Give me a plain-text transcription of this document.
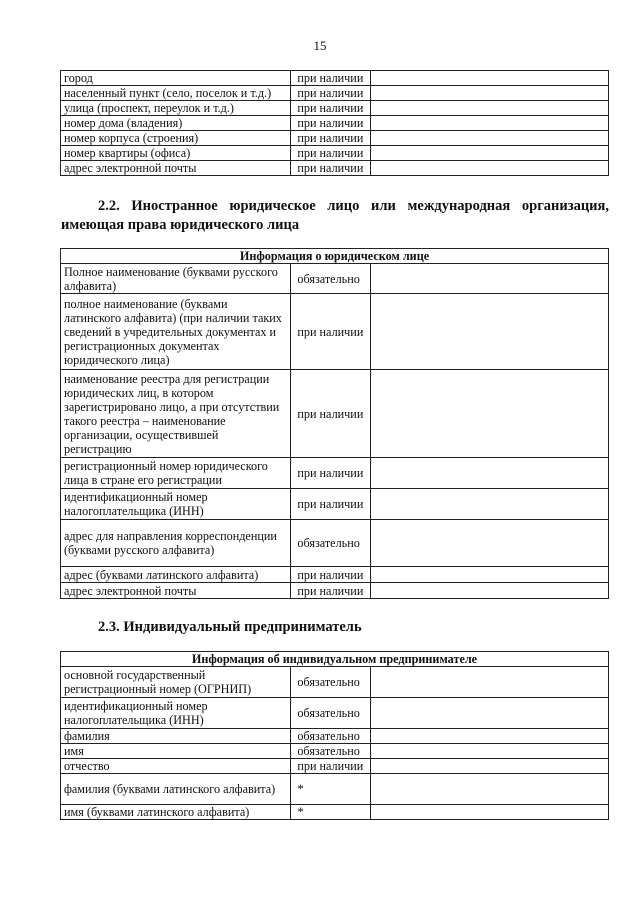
15
город	при наличии	
населенный пункт (село, поселок и т.д.)	при наличии	
улица (проспект, переулок и т.д.)	при наличии	
номер дома (владения)	при наличии	
номер корпуса (строения)	при наличии	
номер квартиры (офиса)	при наличии	
адрес электронной почты	при наличии	
2.2. Иностранное юридическое лицо или международная организация, имеющая права юридического лица
Информация о юридическом лице		
Полное наименование (буквами русского алфавита)	обязательно	
полное наименование (буквами латинского алфавита) (при наличии таких сведений в учредительных документах и регистрационных документах юридического лица)	при наличии	
наименование реестра для регистрации юридических лиц, в котором зарегистрировано лицо, а при отсутствии такого реестра – наименование организации, осуществившей регистрацию	при наличии	
регистрационный номер юридического лица в стране его регистрации	при наличии	
идентификационный номер налогоплательщика (ИНН)	при наличии	
адрес для направления корреспонденции (буквами русского алфавита)	обязательно	
адрес (буквами латинского алфавита)	при наличии	
адрес электронной почты	при наличии	
2.3. Индивидуальный предприниматель
Информация об индивидуальном предпринимателе		
основной государственный регистрационный номер (ОГРНИП)	обязательно	
идентификационный номер налогоплательщика (ИНН)	обязательно	
фамилия	обязательно	
имя	обязательно	
отчество	при наличии	
фамилия (буквами латинского алфавита)	*	
имя (буквами латинского алфавита)	*	
